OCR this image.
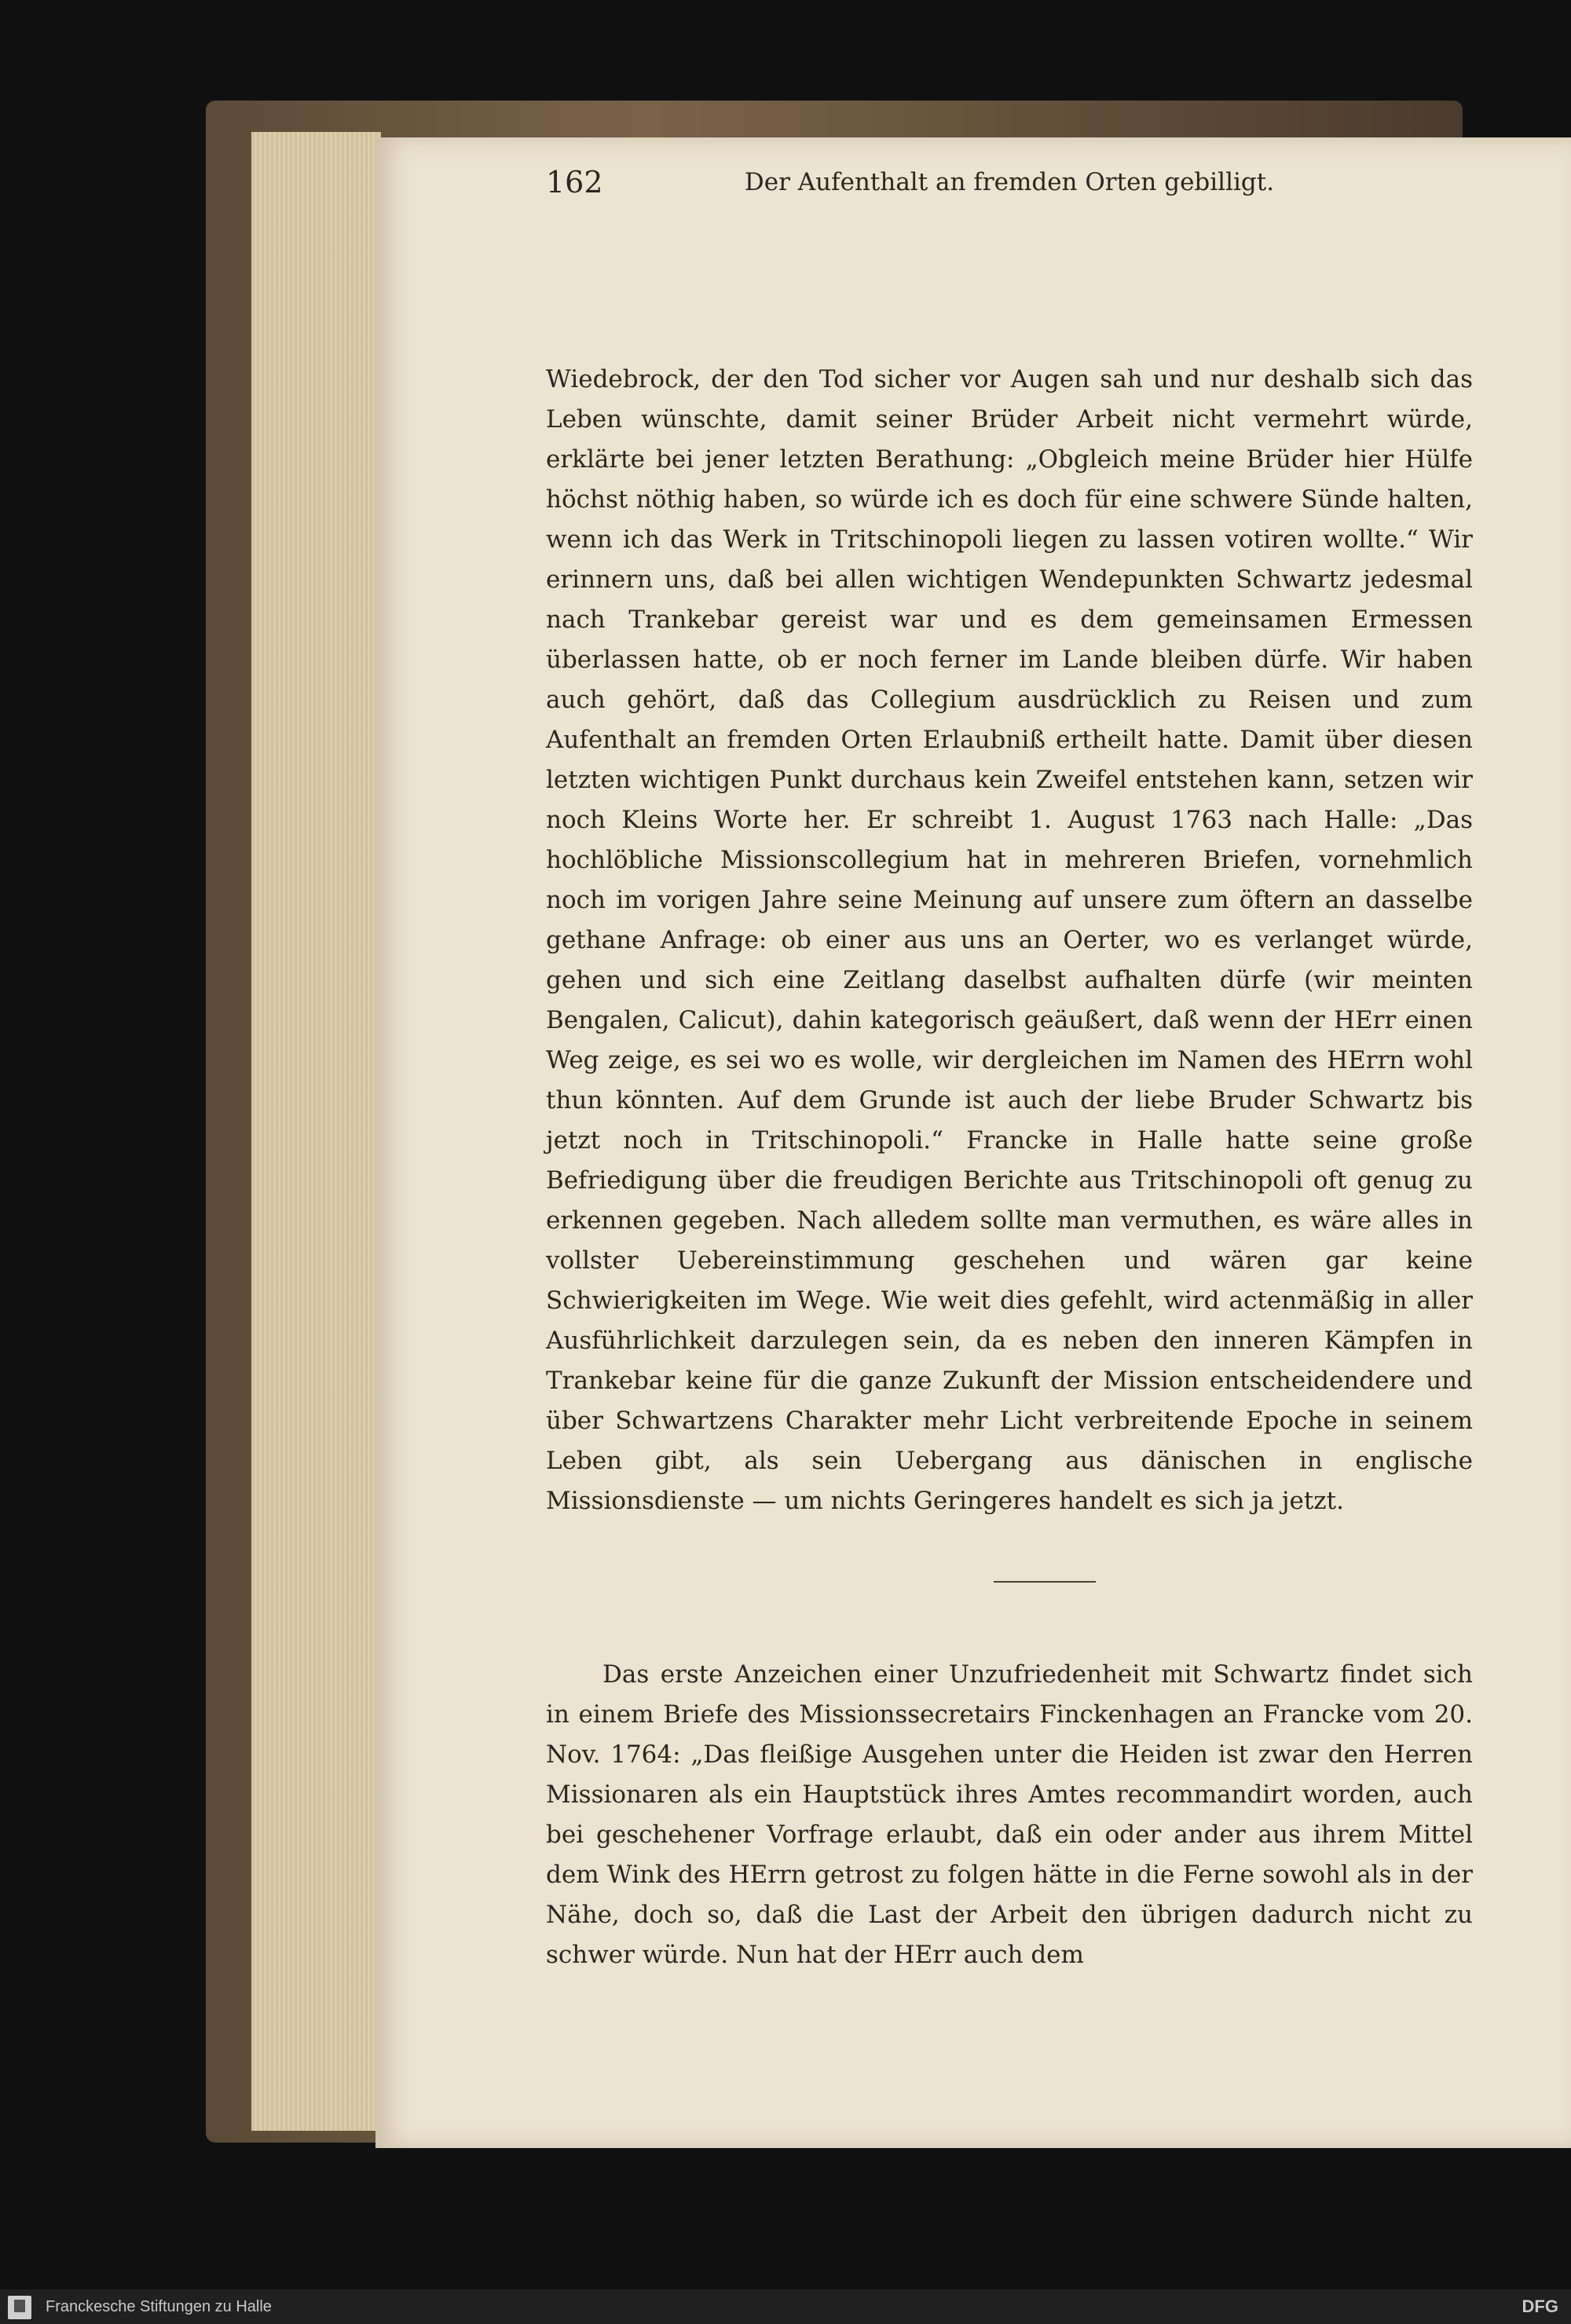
162	Der Aufenthalt an fremden Orten gebilligt.

Wiedebrock, der den Tod sicher vor Augen sah und nur deshalb sich das Leben wünschte, damit seiner Brüder Arbeit nicht vermehrt würde, erklärte bei jener letzten Berathung: „Obgleich meine Brüder hier Hülfe höchst nöthig haben, so würde ich es doch für eine schwere Sünde halten, wenn ich das Werk in Tritschinopoli liegen zu lassen votiren wollte.“ Wir erinnern uns, daß bei allen wichtigen Wendepunkten Schwartz jedesmal nach Trankebar gereist war und es dem gemeinsamen Ermessen überlassen hatte, ob er noch ferner im Lande bleiben dürfe. Wir haben auch gehört, daß das Collegium ausdrücklich zu Reisen und zum Aufenthalt an fremden Orten Erlaubniß ertheilt hatte. Damit über diesen letzten wichtigen Punkt durchaus kein Zweifel entstehen kann, setzen wir noch Kleins Worte her. Er schreibt 1. August 1763 nach Halle: „Das hochlöbliche Missionscollegium hat in mehreren Briefen, vornehmlich noch im vorigen Jahre seine Meinung auf unsere zum öftern an dasselbe gethane Anfrage: ob einer aus uns an Oerter, wo es verlanget würde, gehen und sich eine Zeitlang daselbst aufhalten dürfe (wir meinten Bengalen, Calicut), dahin kategorisch geäußert, daß wenn der HErr einen Weg zeige, es sei wo es wolle, wir dergleichen im Namen des HErrn wohl thun könnten. Auf dem Grunde ist auch der liebe Bruder Schwartz bis jetzt noch in Tritschinopoli.“ Francke in Halle hatte seine große Befriedigung über die freudigen Berichte aus Tritschinopoli oft genug zu erkennen gegeben. Nach alledem sollte man vermuthen, es wäre alles in vollster Uebereinstimmung geschehen und wären gar keine Schwierigkeiten im Wege. Wie weit dies gefehlt, wird actenmäßig in aller Ausführlichkeit darzulegen sein, da es neben den inneren Kämpfen in Trankebar keine für die ganze Zukunft der Mission entscheidendere und über Schwartzens Charakter mehr Licht verbreitende Epoche in seinem Leben gibt, als sein Uebergang aus dänischen in englische Missionsdienste — um nichts Geringeres handelt es sich ja jetzt.

Das erste Anzeichen einer Unzufriedenheit mit Schwartz findet sich in einem Briefe des Missionssecretairs Finckenhagen an Francke vom 20. Nov. 1764: „Das fleißige Ausgehen unter die Heiden ist zwar den Herren Missionaren als ein Hauptstück ihres Amtes recommandirt worden, auch bei geschehener Vorfrage erlaubt, daß ein oder ander aus ihrem Mittel dem Wink des HErrn getrost zu folgen hätte in die Ferne sowohl als in der Nähe, doch so, daß die Last der Arbeit den übrigen dadurch nicht zu schwer würde. Nun hat der HErr auch dem

Franckesche Stiftungen zu Halle	DFG
